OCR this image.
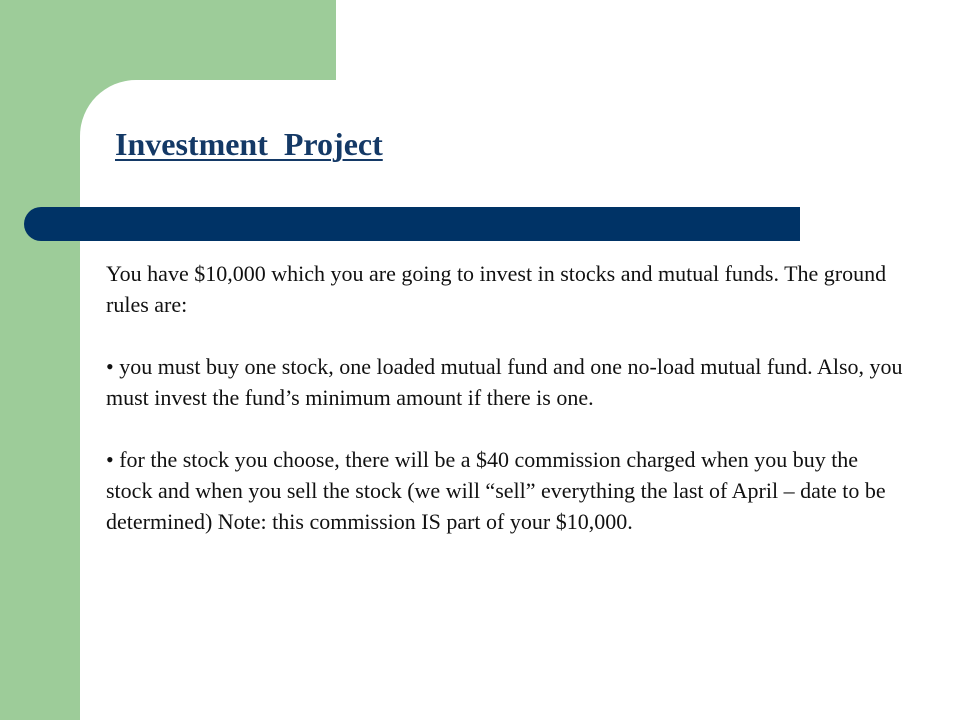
Investment  Project

You have $10,000 which you are going to invest in stocks and mutual funds. The ground rules are:

• you must buy one stock, one loaded mutual fund and one no-load mutual fund. Also, you must invest the fund’s minimum amount if there is one.

• for the stock you choose, there will be a $40 commission charged when you buy the stock and when you sell the stock (we will “sell” everything the last of April – date to be determined) Note: this commission IS part of your $10,000.
